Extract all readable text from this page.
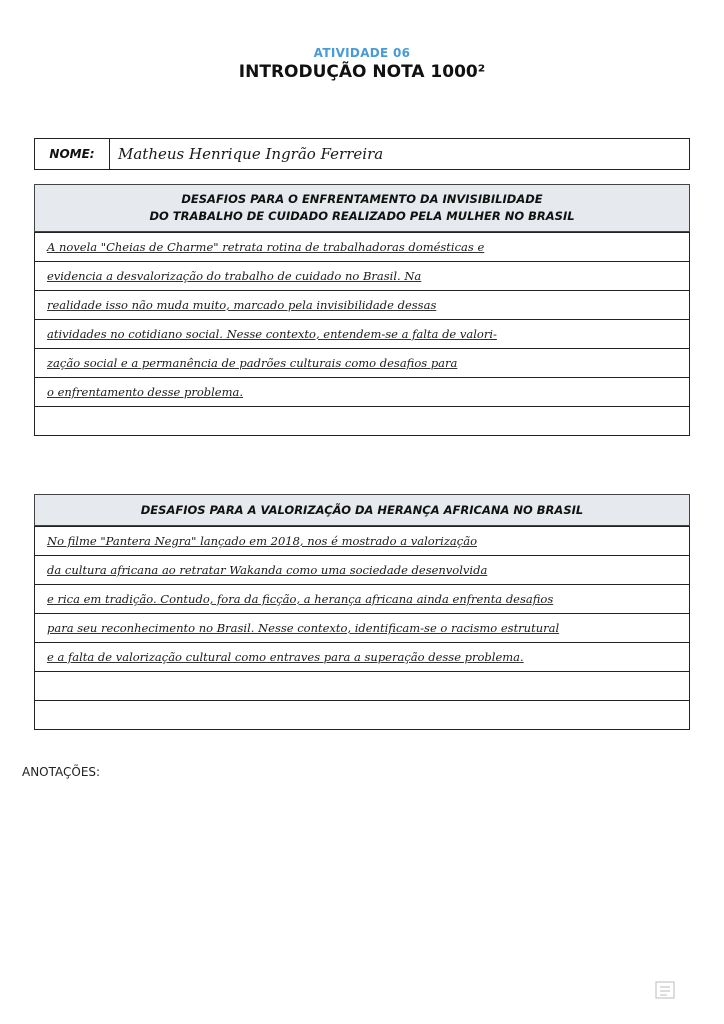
ATIVIDADE 06
INTRODUÇÃO NOTA 1000²
NOME:	Matheus Henrique Ingrão Ferreira
DESAFIOS PARA O ENFRENTAMENTO DA INVISIBILIDADE
DO TRABALHO DE CUIDADO REALIZADO PELA MULHER NO BRASIL
A novela "Cheias de Charme" retrata rotina de trabalhadoras domésticas e
evidencia a desvalorização do trabalho de cuidado no Brasil. Na
realidade isso não muda muito, marcado pela invisibilidade dessas
atividades no cotidiano social. Nesse contexto, entendem-se a falta de valori-
zação social e a permanência de padrões culturais como desafios para
o enfrentamento desse problema.
DESAFIOS PARA A VALORIZAÇÃO DA HERANÇA AFRICANA NO BRASIL
No filme "Pantera Negra" lançado em 2018, nos é mostrado a valorização
da cultura africana ao retratar Wakanda como uma sociedade desenvolvida
e rica em tradição. Contudo, fora da ficção, a herança africana ainda enfrenta desafios
para seu reconhecimento no Brasil. Nesse contexto, identificam-se o racismo estrutural
e a falta de valorização cultural como entraves para a superação desse problema.
ANOTAÇÕES:
